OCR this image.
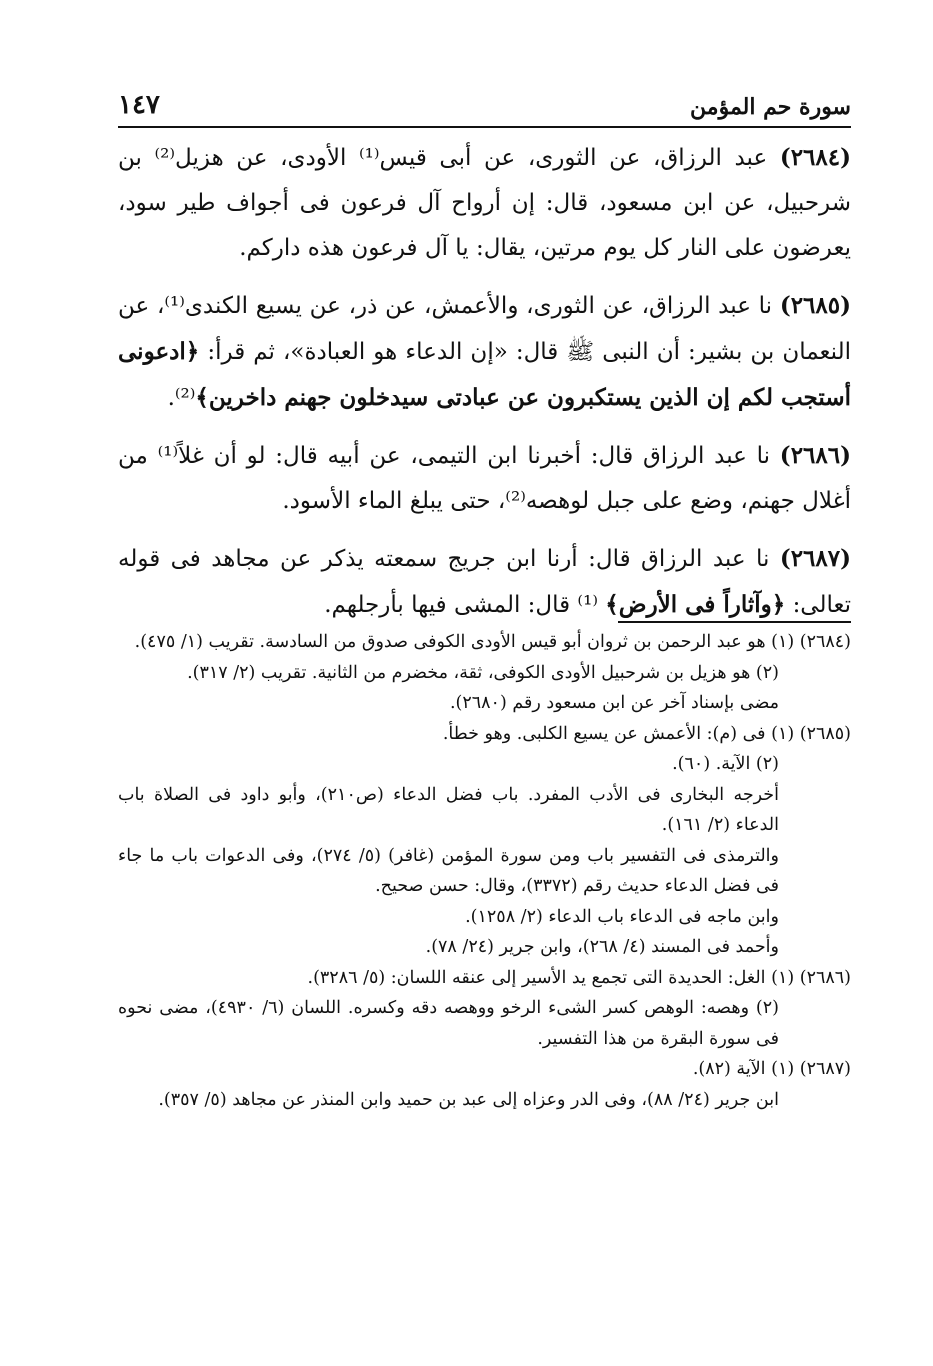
سورة حم المؤمن
١٤٧

(٢٦٨٤) عبد الرزاق، عن الثورى، عن أبى قيس⁽¹⁾ الأودى، عن هزيل⁽²⁾ بن شرحبيل، عن ابن مسعود، قال: إن أرواح آل فرعون فى أجواف طير سود، يعرضون على النار كل يوم مرتين، يقال: يا آل فرعون هذه داركم.

(٢٦٨٥) نا عبد الرزاق، عن الثورى، والأعمش، عن ذر، عن يسيع الكندى⁽¹⁾، عن النعمان بن بشير: أن النبى ﷺ قال: «إن الدعاء هو العبادة»، ثم قرأ: ﴿ادعونى أستجب لكم إن الذين يستكبرون عن عبادتى سيدخلون جهنم داخرين﴾⁽²⁾.

(٢٦٨٦) نا عبد الرزاق قال: أخبرنا ابن التيمى، عن أبيه قال: لو أن غلاً⁽¹⁾ من أغلال جهنم، وضع على جبل لوهصه⁽²⁾، حتى يبلغ الماء الأسود.

(٢٦٨٧) نا عبد الرزاق قال: أرنا ابن جريج سمعته يذكر عن مجاهد فى قوله تعالى: ﴿وآثاراً فى الأرض﴾ ⁽¹⁾ قال: المشى فيها بأرجلهم.

(٢٦٨٤) (١) هو عبد الرحمن بن ثروان أبو قيس الأودى الكوفى صدوق من السادسة. تقريب (١/ ٤٧٥).

(٢) هو هزيل بن شرحبيل الأودى الكوفى، ثقة، مخضرم من الثانية. تقريب (٢/ ٣١٧).

مضى بإسناد آخر عن ابن مسعود رقم (٢٦٨٠).

(٢٦٨٥) (١) فى (م): الأعمش عن يسيع الكلبى. وهو خطأ.

(٢) الآية. (٦٠).

أخرجه البخارى فى الأدب المفرد. باب فضل الدعاء (ص٢١٠)، وأبو داود فى الصلاة باب الدعاء (٢/ ١٦١).

والترمذى فى التفسير باب ومن سورة المؤمن (غافر) (٥/ ٢٧٤)، وفى الدعوات باب ما جاء فى فضل الدعاء حديث رقم (٣٣٧٢)، وقال: حسن صحيح.

وابن ماجه فى الدعاء باب الدعاء (٢/ ١٢٥٨).

وأحمد فى المسند (٤/ ٢٦٨)، وابن جرير (٢٤/ ٧٨).

(٢٦٨٦) (١) الغل: الحديدة التى تجمع يد الأسير إلى عنقه اللسان: (٥/ ٣٢٨٦).

(٢) وهصه: الوهص كسر الشىء الرخو ووهصه دقه وكسره. اللسان (٦/ ٤٩٣٠)، مضى نحوه فى سورة البقرة من هذا التفسير.

(٢٦٨٧) (١) الآية (٨٢).

ابن جرير (٢٤/ ٨٨)، وفى الدر وعزاه إلى عبد بن حميد وابن المنذر عن مجاهد (٥/ ٣٥٧).
